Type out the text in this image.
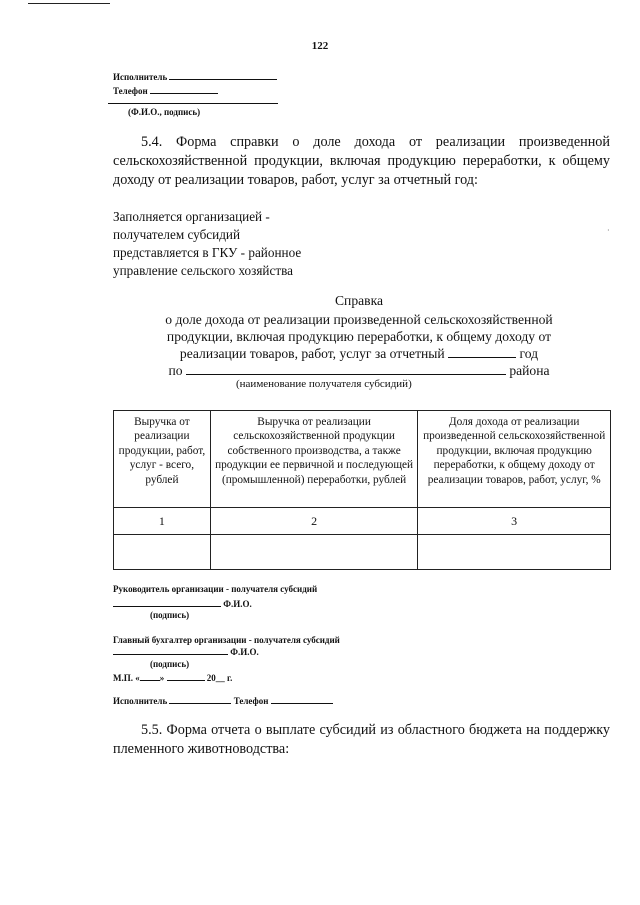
122
Исполнитель
Телефон
(Ф.И.О., подпись)
5.4. Форма справки о доле дохода от реализации произведенной сельскохозяйственной продукции, включая продукцию переработки, к общему доходу от реализации товаров, работ, услуг за отчетный год:
Заполняется организацией -
получателем субсидий
представляется в ГКУ - районное
управление сельского хозяйства
·
Справка
о доле дохода от реализации произведенной сельскохозяйственной
продукции, включая продукцию переработки, к общему доходу от
реализации товаров, работ, услуг за отчетный	год
по	района
(наименование получателя субсидий)
Выручка от реализации продукции, работ, услуг - всего, рублей	Выручка от реализации сельскохозяйственной продукции собственного производства, а также продукции ее первичной и последующей (промышленной) переработки, рублей	Доля дохода от реализации произведенной сельскохозяйственной продукции, включая продукцию переработки, к общему доходу от реализации товаров, работ, услуг, %
1	2	3

Руководитель организации - получателя субсидий
Ф.И.О.
(подпись)
Главный бухгалтер организации - получателя субсидий
Ф.И.О.
(подпись)
М.П. « »	20__ г.
Исполнитель	Телефон
5.5. Форма отчета о выплате субсидий из областного бюджета на поддержку племенного животноводства:
